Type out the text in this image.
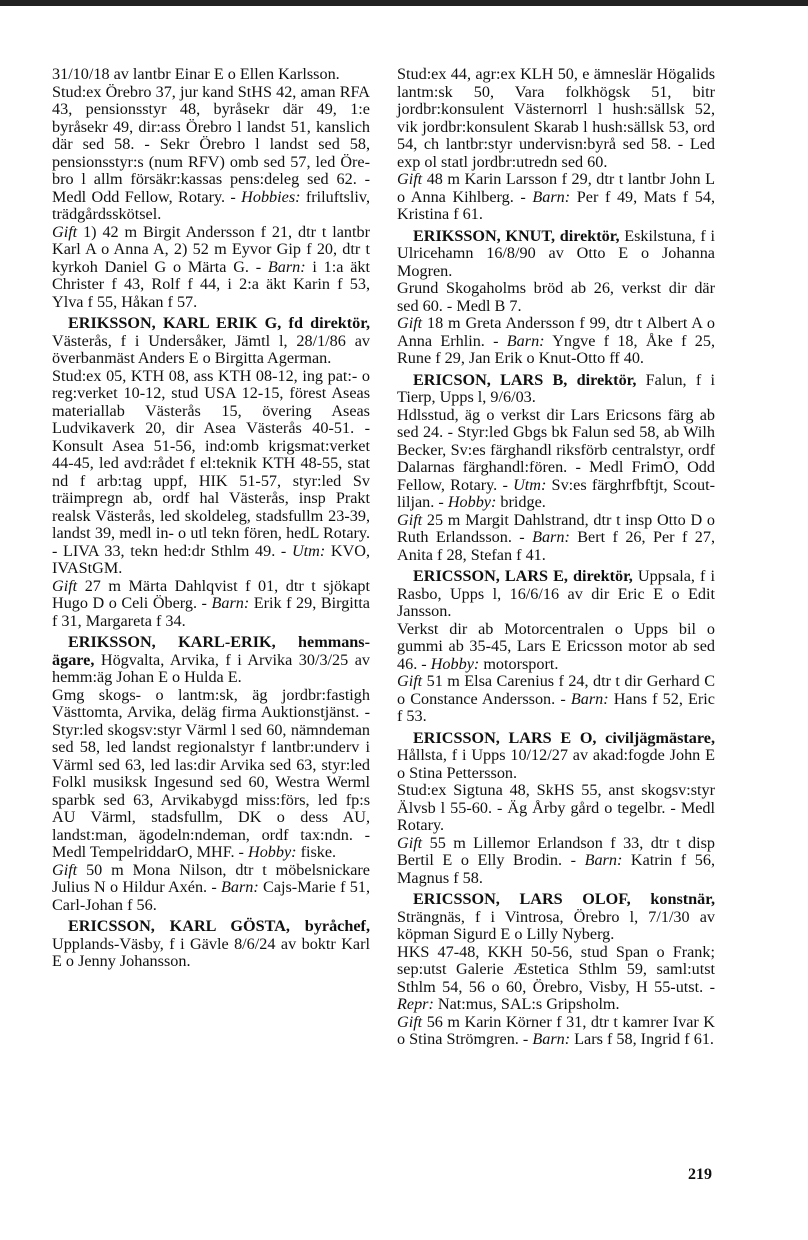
31/10/18 av lantbr Einar E o Ellen Karlsson.

Stud:ex Örebro 37, jur kand StHS 42, aman RFA 43, pensionsstyr 48, byråsekr där 49, 1:e byråsekr 49, dir:ass Örebro l landst 51, kanslich där sed 58. - Sekr Örebro l landst sed 58, pensionsstyr:s (num RFV) omb sed 57, led Örebro l allm försäkr:kassas pens:deleg sed 62. - Medl Odd Fellow, Rotary. - Hobbies: friluftsliv, trädgårdsskötsel.

Gift 1) 42 m Birgit Andersson f 21, dtr t lantbr Karl A o Anna A, 2) 52 m Eyvor Gip f 20, dtr t kyrkoh Daniel G o Märta G. - Barn: i 1:a äkt Christer f 43, Rolf f 44, i 2:a äkt Karin f 53, Ylva f 55, Håkan f 57.

ERIKSSON, KARL ERIK G, fd direktör, Västerås, f i Undersåker, Jämtl l, 28/1/86 av överbanmäst Anders E o Birgitta Agerman.

Stud:ex 05, KTH 08, ass KTH 08-12, ing pat:- o reg:verket 10-12, stud USA 12-15, förest Aseas materiallab Västerås 15, övering Aseas Ludvikaverk 20, dir Asea Västerås 40-51. - Konsult Asea 51-56, ind:omb krigsmat:verket 44-45, led avd:rådet f el:teknik KTH 48-55, stat nd f arb:tag uppf, HIK 51-57, styr:led Sv träimpregn ab, ordf hal Västerås, insp Prakt realsk Västerås, led skoldeleg, stadsfullm 23-39, landst 39, medl in- o utl tekn fören, hedL Rotary. - LIVA 33, tekn hed:dr Sthlm 49. - Utm: KVO, IVAStGM.

Gift 27 m Märta Dahlqvist f 01, dtr t sjökapt Hugo D o Celi Öberg. - Barn: Erik f 29, Birgitta f 31, Margareta f 34.

ERIKSSON, KARL-ERIK, hemmansägare, Högvalta, Arvika, f i Arvika 30/3/25 av hemm:äg Johan E o Hulda E.

Gmg skogs- o lantm:sk, äg jordbr:fastigh Västtomta, Arvika, deläg firma Auktionstjänst. - Styr:led skogsv:styr Värml l sed 60, nämndeman sed 58, led landst regionalstyr f lantbr:underv i Värml sed 63, led las:dir Arvika sed 63, styr:led Folkl musiksk Ingesund sed 60, Westra Werml sparbk sed 63, Arvikabygd miss:förs, led fp:s AU Värml, stadsfullm, DK o dess AU, landst:man, ägodeln:ndeman, ordf tax:ndn. - Medl TempelriddarO, MHF. - Hobby: fiske.

Gift 50 m Mona Nilson, dtr t möbelsnickare Julius N o Hildur Axén. - Barn: Cajs-Marie f 51, Carl-Johan f 56.

ERICSSON, KARL GÖSTA, byråchef, Upplands-Väsby, f i Gävle 8/6/24 av boktr Karl E o Jenny Johansson.

Stud:ex 44, agr:ex KLH 50, e ämneslär Högalids lantm:sk 50, Vara folkhögsk 51, bitr jordbr:konsulent Västernorrl l hush:sällsk 52, vik jordbr:konsulent Skarab l hush:sällsk 53, ord 54, ch lantbr:styr undervisn:byrå sed 58. - Led exp ol statl jordbr:utredn sed 60.

Gift 48 m Karin Larsson f 29, dtr t lantbr John L o Anna Kihlberg. - Barn: Per f 49, Mats f 54, Kristina f 61.

ERIKSSON, KNUT, direktör, Eskilstuna, f i Ulricehamn 16/8/90 av Otto E o Johanna Mogren.

Grund Skogaholms bröd ab 26, verkst dir där sed 60. - Medl B 7.

Gift 18 m Greta Andersson f 99, dtr t Albert A o Anna Erhlin. - Barn: Yngve f 18, Åke f 25, Rune f 29, Jan Erik o Knut-Otto ff 40.

ERICSON, LARS B, direktör, Falun, f i Tierp, Upps l, 9/6/03.

Hdlsstud, äg o verkst dir Lars Ericsons färg ab sed 24. - Styr:led Gbgs bk Falun sed 58, ab Wilh Becker, Sv:es färghandl riksförb centralstyr, ordf Dalarnas färghandl:fören. - Medl FrimO, Odd Fellow, Rotary. - Utm: Sv:es färghrfbftjt, Scoutliljan. - Hobby: bridge.

Gift 25 m Margit Dahlstrand, dtr t insp Otto D o Ruth Erlandsson. - Barn: Bert f 26, Per f 27, Anita f 28, Stefan f 41.

ERICSSON, LARS E, direktör, Uppsala, f i Rasbo, Upps l, 16/6/16 av dir Eric E o Edit Jansson.

Verkst dir ab Motorcentralen o Upps bil o gummi ab 35-45, Lars E Ericsson motor ab sed 46. - Hobby: motorsport.

Gift 51 m Elsa Carenius f 24, dtr t dir Gerhard C o Constance Andersson. - Barn: Hans f 52, Eric f 53.

ERICSSON, LARS E O, civiljägmästare, Hållsta, f i Upps 10/12/27 av akad:fogde John E o Stina Pettersson.

Stud:ex Sigtuna 48, SkHS 55, anst skogsv:styr Älvsb l 55-60. - Äg Årby gård o tegelbr. - Medl Rotary.

Gift 55 m Lillemor Erlandson f 33, dtr t disp Bertil E o Elly Brodin. - Barn: Katrin f 56, Magnus f 58.

ERICSSON, LARS OLOF, konstnär, Strängnäs, f i Vintrosa, Örebro l, 7/1/30 av köpman Sigurd E o Lilly Nyberg.

HKS 47-48, KKH 50-56, stud Span o Frank; sep:utst Galerie Æstetica Sthlm 59, saml:utst Sthlm 54, 56 o 60, Örebro, Visby, H 55-utst. - Repr: Nat:mus, SAL:s Gripsholm.

Gift 56 m Karin Körner f 31, dtr t kamrer Ivar K o Stina Strömgren. - Barn: Lars f 58, Ingrid f 61.

219
